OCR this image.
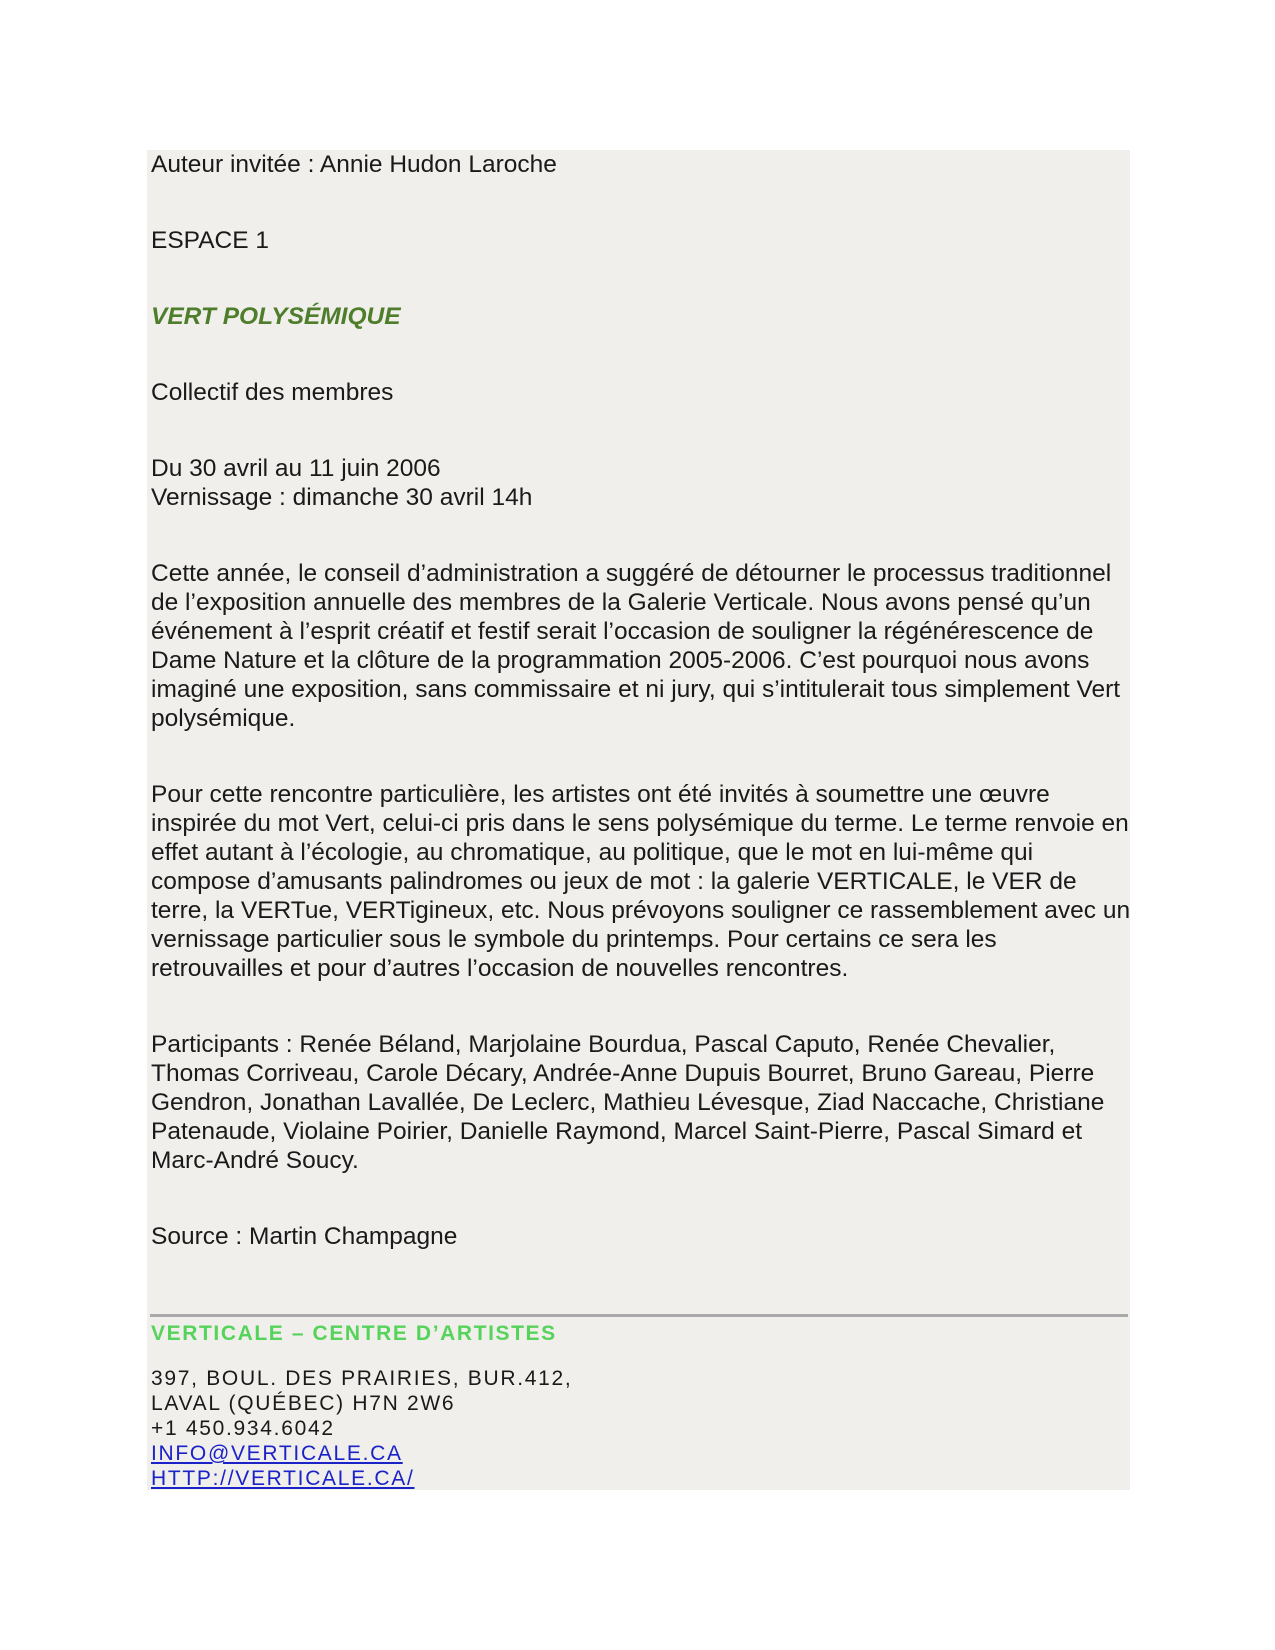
Auteur invitée : Annie Hudon Laroche

ESPACE 1

VERT POLYSÉMIQUE

Collectif des membres

Du 30 avril au 11 juin 2006
Vernissage : dimanche 30 avril 14h

Cette année, le conseil d’administration a suggéré de détourner le processus traditionnel de l’exposition annuelle des membres de la Galerie Verticale. Nous avons pensé qu’un événement à l’esprit créatif et festif serait l’occasion de souligner la régénérescence de Dame Nature et la clôture de la programmation 2005-2006. C’est pourquoi nous avons imaginé une exposition, sans commissaire et ni jury, qui s’intitulerait tous simplement Vert polysémique.

Pour cette rencontre particulière, les artistes ont été invités à soumettre une œuvre inspirée du mot Vert, celui-ci pris dans le sens polysémique du terme. Le terme renvoie en effet autant à l’écologie, au chromatique, au politique, que le mot en lui-même qui compose d’amusants palindromes ou jeux de mot : la galerie VERTICALE, le VER de terre, la VERTue, VERTigineux, etc. Nous prévoyons souligner ce rassemblement avec un vernissage particulier sous le symbole du printemps. Pour certains ce sera les retrouvailles et pour d’autres l’occasion de nouvelles rencontres.

Participants : Renée Béland, Marjolaine Bourdua, Pascal Caputo, Renée Chevalier, Thomas Corriveau, Carole Décary, Andrée-Anne Dupuis Bourret, Bruno Gareau, Pierre Gendron, Jonathan Lavallée, De Leclerc, Mathieu Lévesque, Ziad Naccache, Christiane Patenaude, Violaine Poirier, Danielle Raymond, Marcel Saint-Pierre, Pascal Simard et Marc-André Soucy.

Source : Martin Champagne

VERTICALE – CENTRE D’ARTISTES
397, BOUL. DES PRAIRIES, BUR.412,
LAVAL (QUÉBEC) H7N 2W6
+1 450.934.6042
INFO@VERTICALE.CA
HTTP://VERTICALE.CA/
